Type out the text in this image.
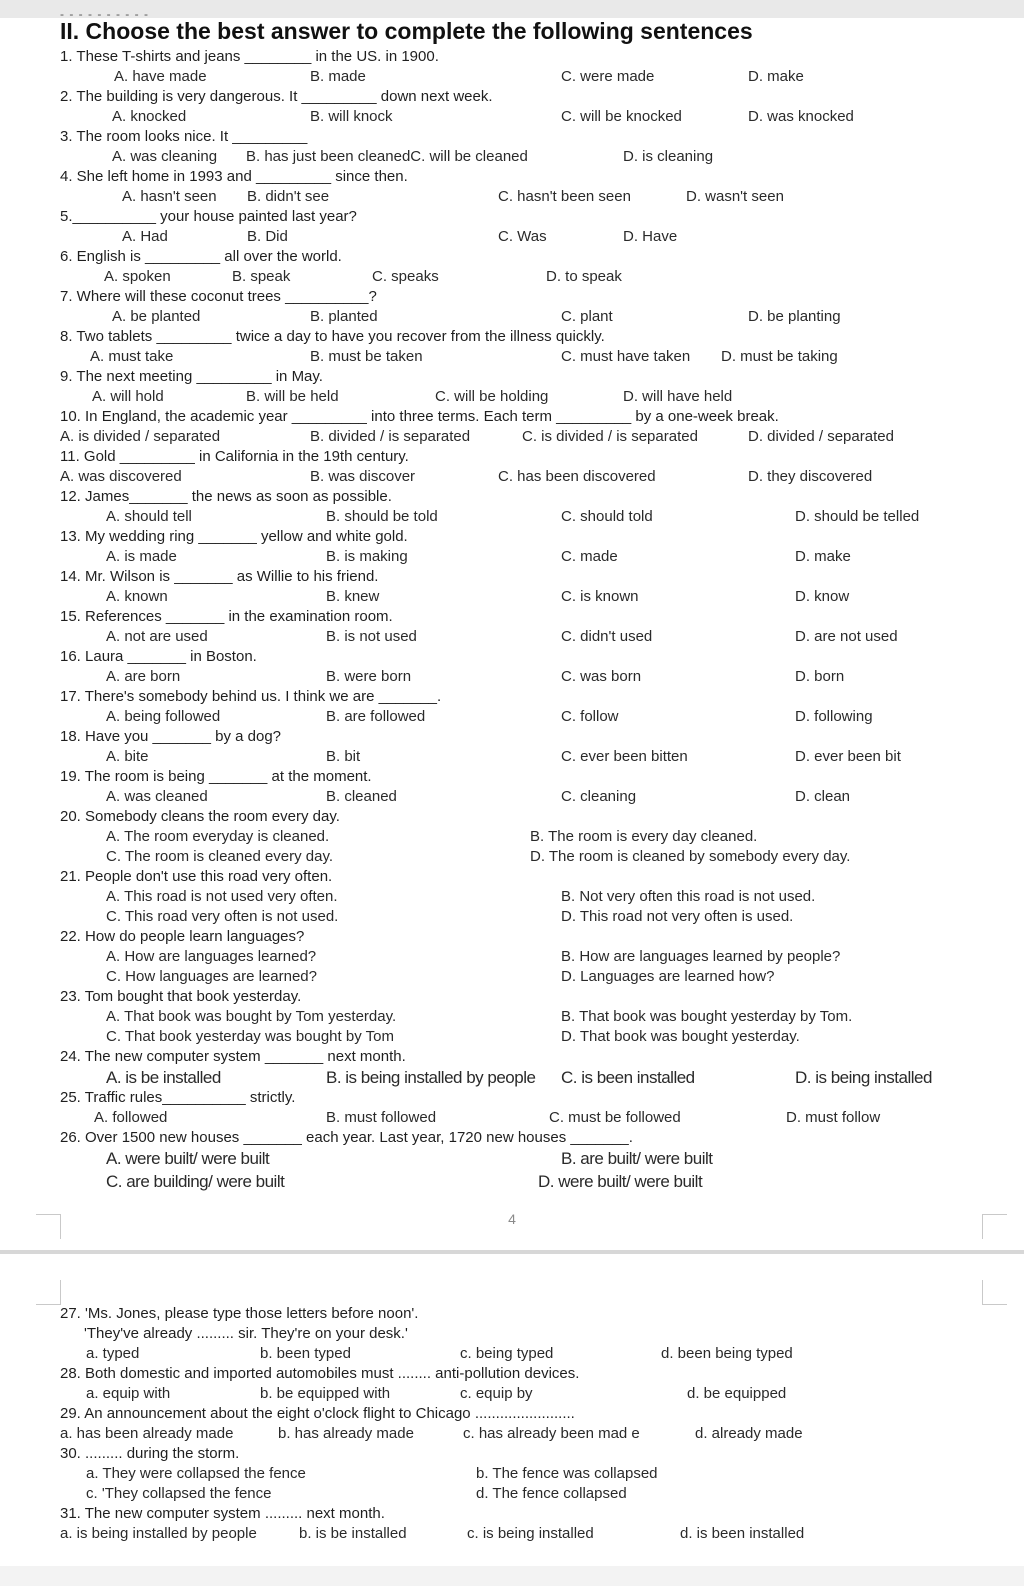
- - - - - - - - - -
II. Choose the best answer to complete the following sentences
1. These T-shirts and jeans ________ in the US. in 1900.
A. have made	B. made	C. were made	D. make
2. The building is very dangerous. It _________ down next week.
A. knocked	B. will knock	C. will be knocked	D. was knocked
3. The room looks nice. It _________
A. was cleaning B. has just been cleanedC. will be cleaned	D. is cleaning
4. She left home in 1993 and _________ since then.
A. hasn't seen B. didn't see	C. hasn't been seen	D. wasn't seen
5.__________ your house painted last year?
A. Had	B. Did	C. Was	D. Have
6. English is _________ all over the world.
A. spoken	B. speak	C. speaks	D. to speak
7. Where will these coconut trees __________?
A. be planted	B. planted	C. plant	D. be planting
8. Two tablets _________ twice a day to have you recover from the illness quickly.
A. must take	B. must be taken	C. must have taken D. must be taking
9. The next meeting _________ in May.
A. will hold	B. will be held	C. will be holding	D. will have held
10. In England, the academic year _________ into three terms. Each term _________ by a one-week break.
A. is divided / separated	B. divided / is separated	C. is divided / is separated	D. divided / separated
11. Gold _________ in California in the 19th century.
A. was discovered	B. was discover	C. has been discovered	D. they discovered
12. James_______ the news as soon as possible.
A. should tell	B. should be told	C. should told	D. should be telled
13. My wedding ring _______ yellow and white gold.
A. is made	B. is making	C. made	D. make
14. Mr. Wilson is _______ as Willie to his friend.
A. known	B. knew	C. is known	D. know
15. References _______ in the examination room.
A. not are used	B. is not used	C. didn't used	D. are not used
16. Laura _______ in Boston.
A. are born	B. were born	C. was born	D. born
17. There's somebody behind us. I think we are _______.
A. being followed	B. are followed	C. follow	D. following
18. Have you _______ by a dog?
A. bite	B. bit	C. ever been bitten	D. ever been bit
19. The room is being _______ at the moment.
A. was cleaned	B. cleaned	C. cleaning	D. clean
20. Somebody cleans the room every day.
A. The room everyday is cleaned.	B. The room is every day cleaned.
C. The room is cleaned every day.	D. The room is cleaned by somebody every day.
21. People don't use this road very often.
A. This road is not used very often.	B. Not very often this road is not used.
C. This road very often is not used.	D. This road not very often is used.
22. How do people learn languages?
A. How are languages learned?	B. How are languages learned by people?
C. How languages are learned?	D. Languages are learned how?
23. Tom bought that book yesterday.
A. That book was bought by Tom yesterday.	B. That book was bought yesterday by Tom.
C. That book yesterday was bought by Tom	D. That book was bought yesterday.
24. The new computer system _______ next month.
A. is be installed	B. is being installed by people C. is been installed	D. is being installed
25. Traffic rules__________ strictly.
A. followed	B. must followed	C. must be followed	D. must follow
26. Over 1500 new houses _______ each year. Last year, 1720 new houses _______.
A. were built/ were built	B. are built/ were built
C. are building/ were built	D. were built/ were built
27. 'Ms. Jones, please type those letters before noon'.
'They've already ......... sir. They're on your desk.'
a. typed	b. been typed	c. being typed	d. been being typed
28. Both domestic and imported automobiles must ........ anti-pollution devices.
a. equip with	b. be equipped with	c. equip by	d. be equipped
29. An announcement about the eight o'clock flight to Chicago ........................
a. has been already made	b. has already made	c. has already been mad e	d. already made
30. ......... during the storm.
a. They were collapsed the fence	b. The fence was collapsed
c. 'They collapsed the fence	d. The fence collapsed
31. The new computer system ......... next month.
a. is being installed by people	b. is be installed	c. is being installed	d. is been installed
4
